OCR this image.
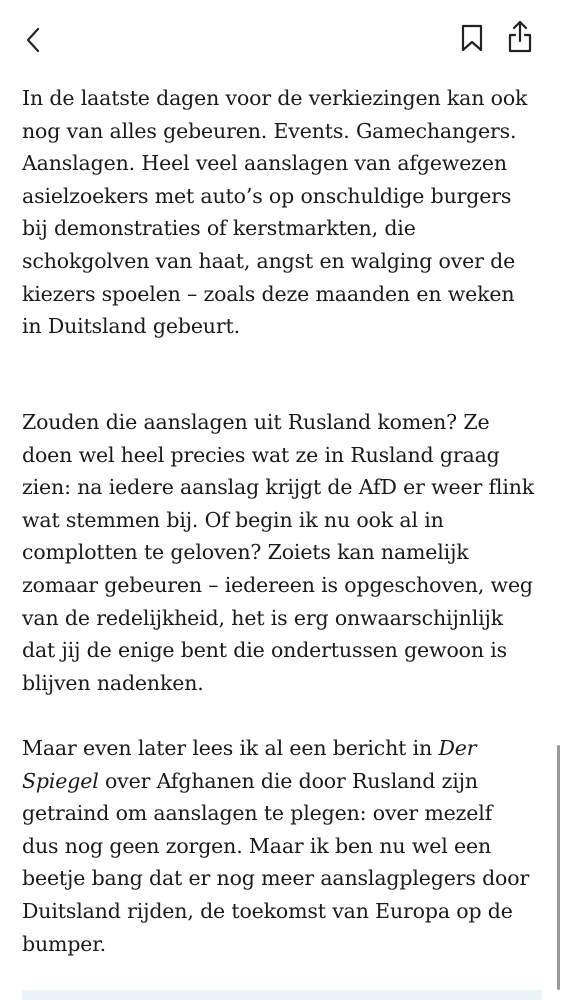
In de laatste dagen voor de verkiezingen kan ook
nog van alles gebeuren. Events. Gamechangers.
Aanslagen. Heel veel aanslagen van afgewezen
asielzoekers met auto’s op onschuldige burgers
bij demonstraties of kerstmarkten, die
schokgolven van haat, angst en walging over de
kiezers spoelen – zoals deze maanden en weken
in Duitsland gebeurt.

Zouden die aanslagen uit Rusland komen? Ze
doen wel heel precies wat ze in Rusland graag
zien: na iedere aanslag krijgt de AfD er weer flink
wat stemmen bij. Of begin ik nu ook al in
complotten te geloven? Zoiets kan namelijk
zomaar gebeuren – iedereen is opgeschoven, weg
van de redelijkheid, het is erg onwaarschijnlijk
dat jij de enige bent die ondertussen gewoon is
blijven nadenken.

Maar even later lees ik al een bericht in Der
Spiegel over Afghanen die door Rusland zijn
getraind om aanslagen te plegen: over mezelf
dus nog geen zorgen. Maar ik ben nu wel een
beetje bang dat er nog meer aanslagplegers door
Duitsland rijden, de toekomst van Europa op de
bumper.
